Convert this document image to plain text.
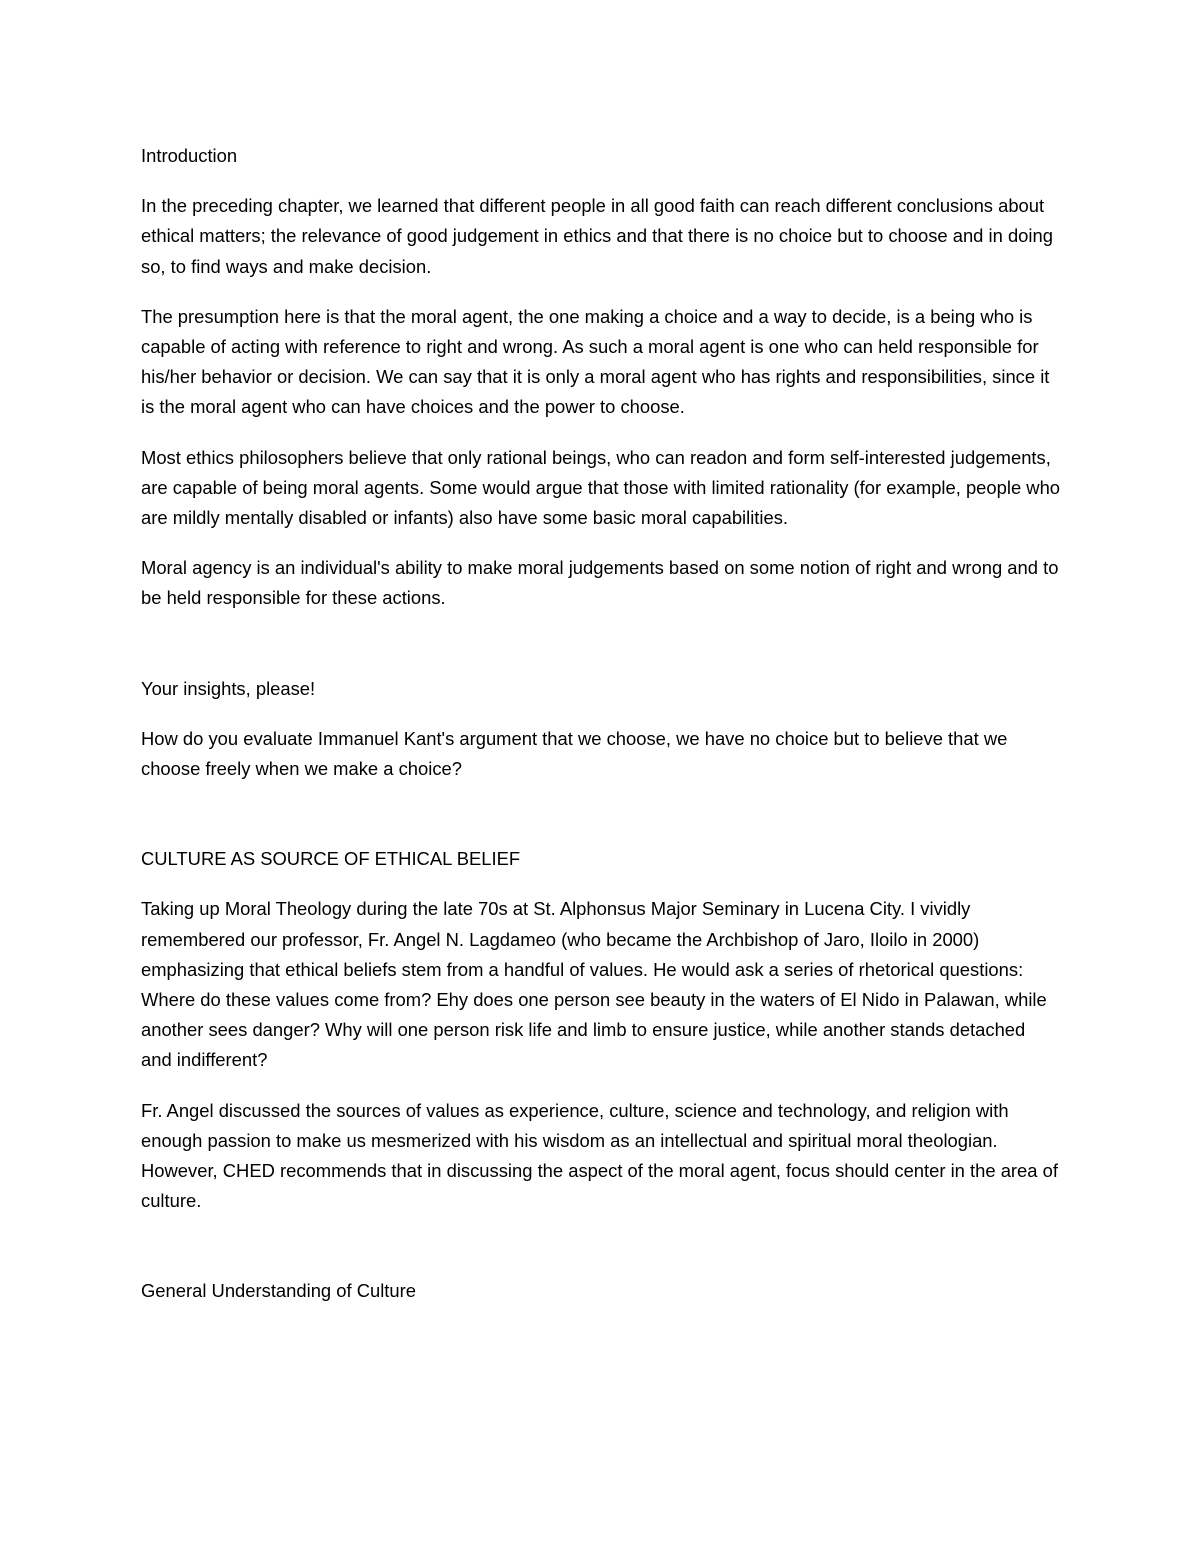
Introduction

In the preceding chapter, we learned that different people in all good faith can reach different conclusions about ethical matters; the relevance of good judgement in ethics and that there is no choice but to choose and in doing so, to find ways and make decision.

The presumption here is that the moral agent, the one making a choice and a way to decide, is a being who is capable of acting with reference to right and wrong. As such a moral agent is one who can held responsible for his/her behavior or decision. We can say that it is only a moral agent who has rights and responsibilities, since it is the moral agent who can have choices and the power to choose.

Most ethics philosophers believe that only rational beings, who can readon and form self-interested judgements, are capable of being moral agents. Some would argue that those with limited rationality (for example, people who are mildly mentally disabled or infants) also have some basic moral capabilities.

Moral agency is an individual's ability to make moral judgements based on some notion of right and wrong and to be held responsible for these actions.

Your insights, please!

How do you evaluate Immanuel Kant's argument that we choose, we have no choice but to believe that we choose freely when we make a choice?

CULTURE AS SOURCE OF ETHICAL BELIEF

Taking up Moral Theology during the late 70s at St. Alphonsus Major Seminary in Lucena City. I vividly remembered our professor, Fr. Angel N. Lagdameo (who became the Archbishop of Jaro, Iloilo in 2000) emphasizing that ethical beliefs stem from a handful of values. He would ask a series of rhetorical questions: Where do these values come from? Ehy does one person see beauty in the waters of El Nido in Palawan, while another sees danger? Why will one person risk life and limb to ensure justice, while another stands detached and indifferent?

Fr. Angel discussed the sources of values as experience, culture, science and technology, and religion with enough passion to make us mesmerized with his wisdom as an intellectual and spiritual moral theologian. However, CHED recommends that in discussing the aspect of the moral agent, focus should center in the area of culture.

General Understanding of Culture
